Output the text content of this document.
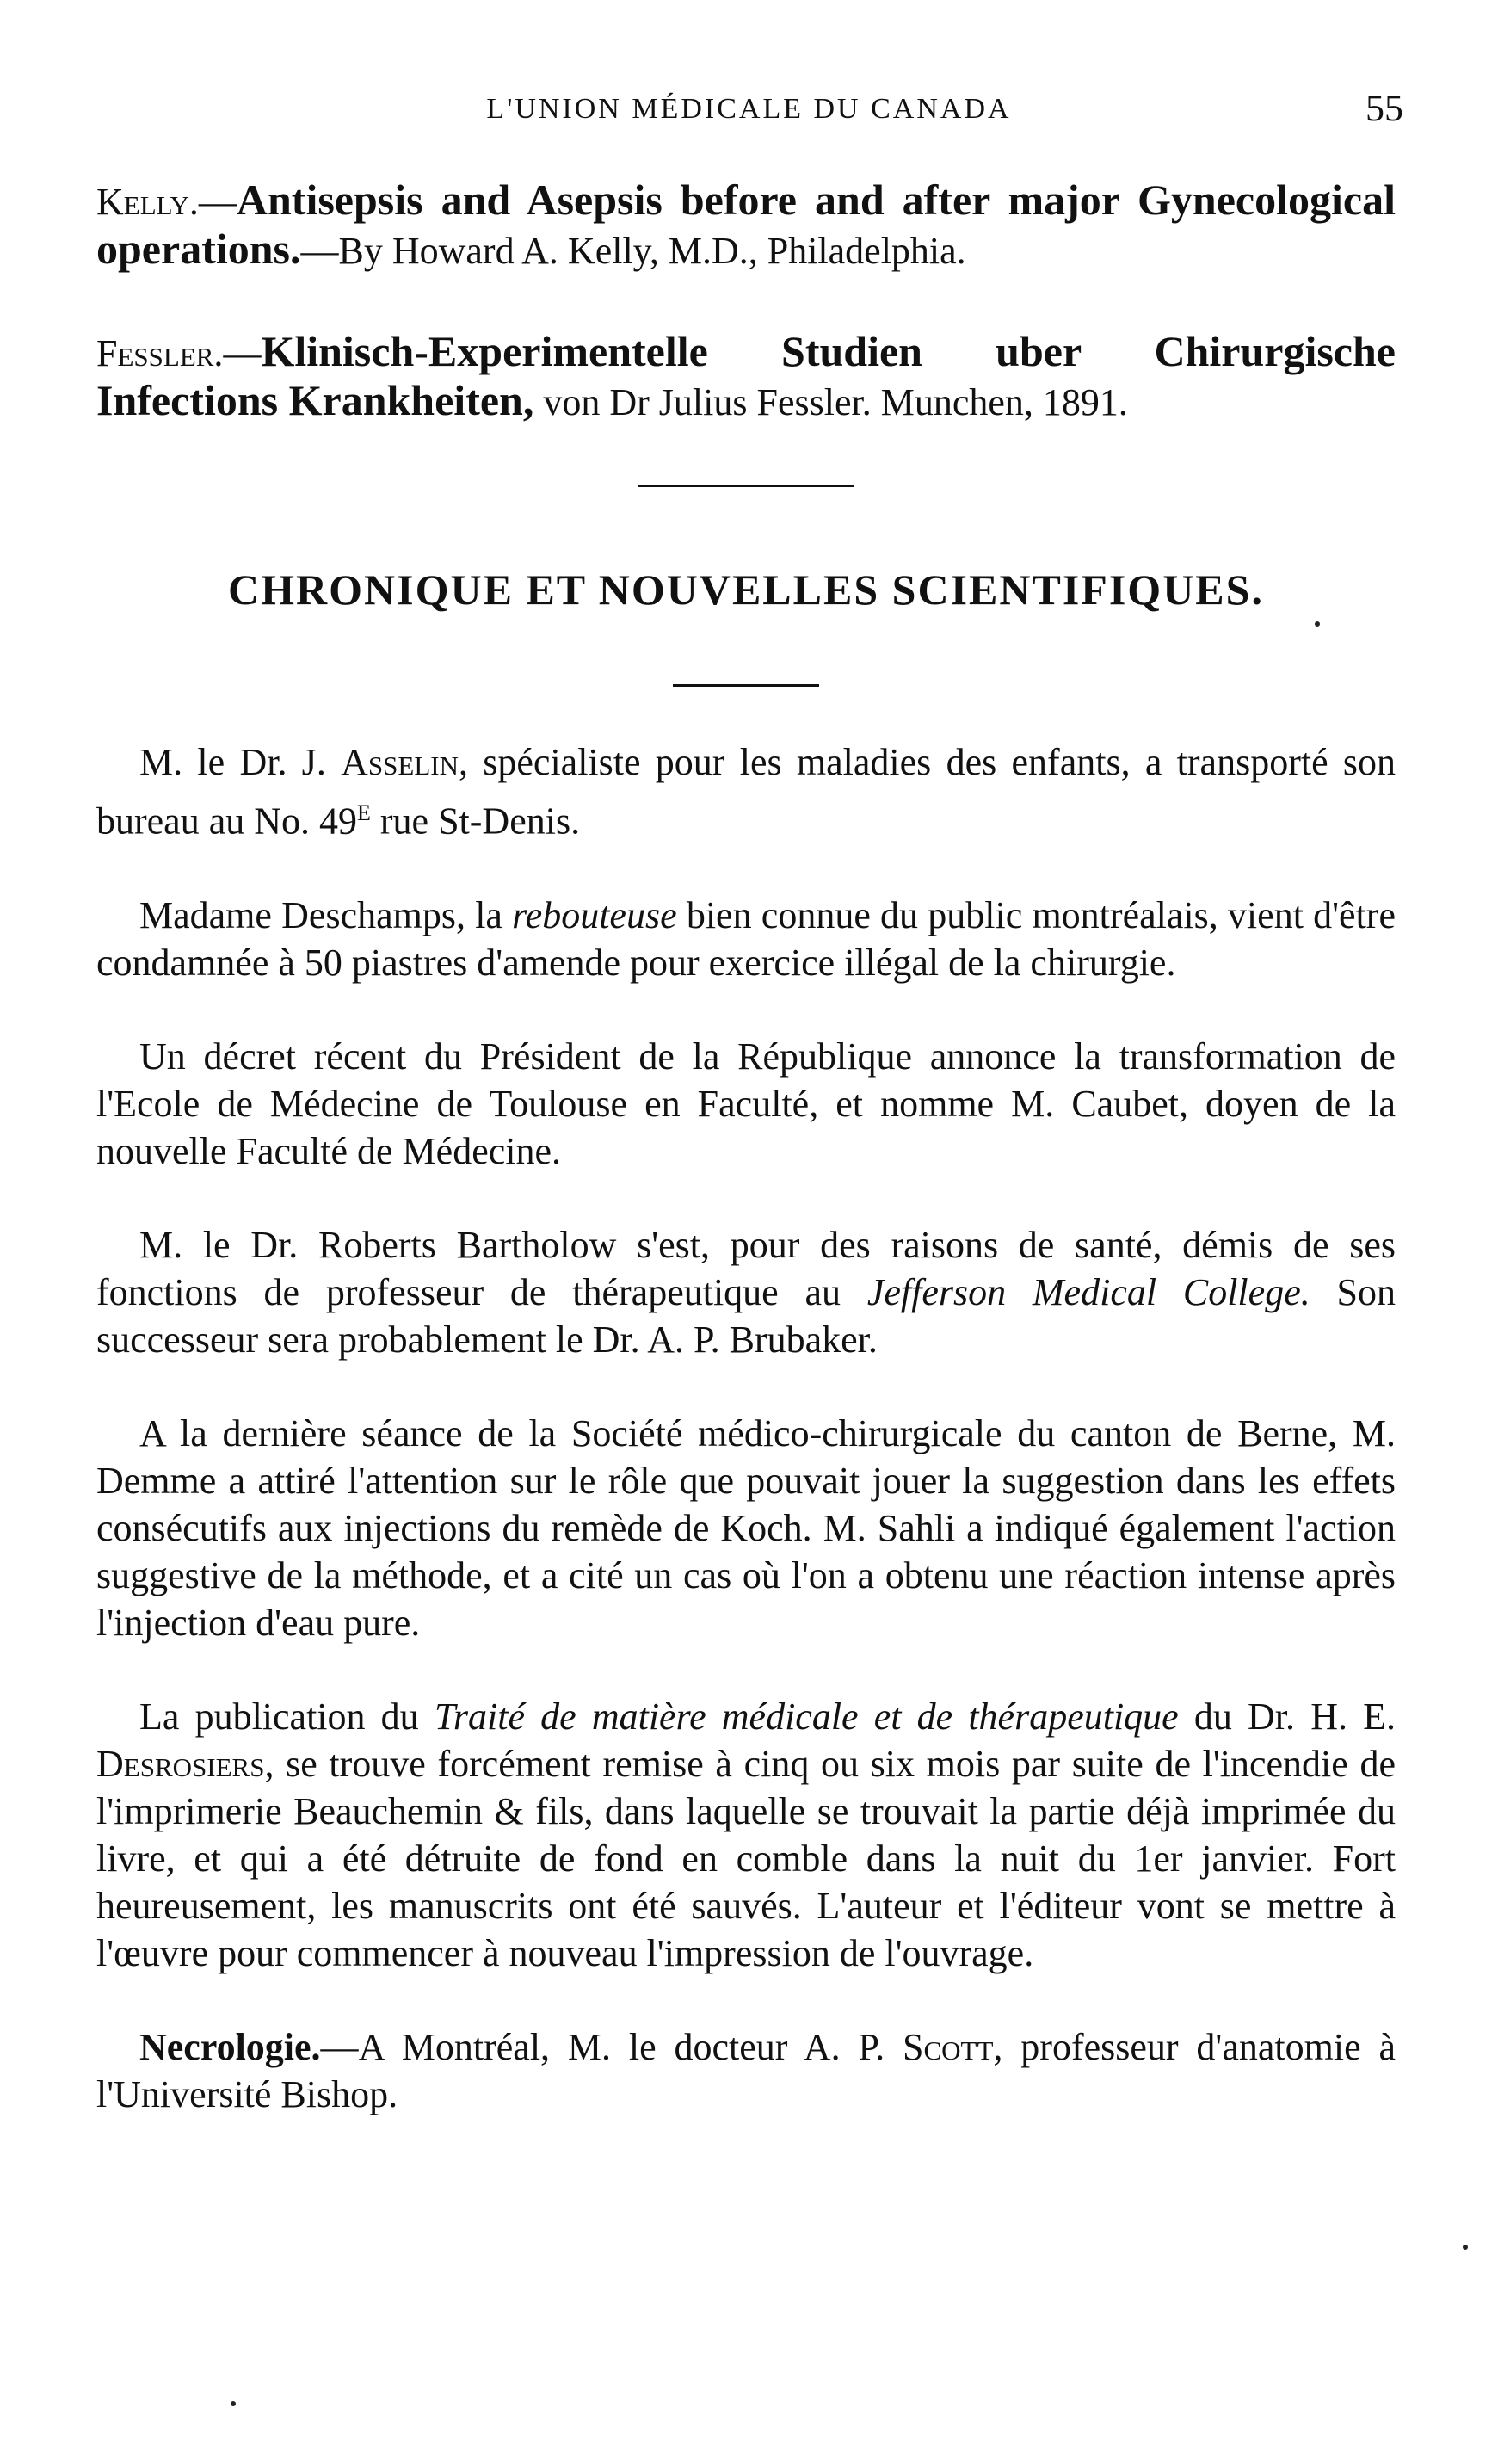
L'UNION MÉDICALE DU CANADA	55

Kelly.—Antisepsis and Asepsis before and after major Gynecological operations.—By Howard A. Kelly, M.D., Philadelphia.

Fessler.—Klinisch-Experimentelle Studien uber Chirurgische Infections Krankheiten, von Dr Julius Fessler. Munchen, 1891.

CHRONIQUE ET NOUVELLES SCIENTIFIQUES.

M. le Dr. J. Asselin, spécialiste pour les maladies des enfants, a transporté son bureau au No. 49e rue St-Denis.

Madame Deschamps, la rebouteuse bien connue du public montréalais, vient d'être condamnée à 50 piastres d'amende pour exercice illégal de la chirurgie.

Un décret récent du Président de la République annonce la transformation de l'Ecole de Médecine de Toulouse en Faculté, et nomme M. Caubet, doyen de la nouvelle Faculté de Médecine.

M. le Dr. Roberts Bartholow s'est, pour des raisons de santé, démis de ses fonctions de professeur de thérapeutique au Jefferson Medical College. Son successeur sera probablement le Dr. A. P. Brubaker.

A la dernière séance de la Société médico-chirurgicale du canton de Berne, M. Demme a attiré l'attention sur le rôle que pouvait jouer la suggestion dans les effets consécutifs aux injections du remède de Koch. M. Sahli a indiqué également l'action suggestive de la méthode, et a cité un cas où l'on a obtenu une réaction intense après l'injection d'eau pure.

La publication du Traité de matière médicale et de thérapeutique du Dr. H. E. Desrosiers, se trouve forcément remise à cinq ou six mois par suite de l'incendie de l'imprimerie Beauchemin & fils, dans laquelle se trouvait la partie déjà imprimée du livre, et qui a été détruite de fond en comble dans la nuit du 1er janvier. Fort heureusement, les manuscrits ont été sauvés. L'auteur et l'éditeur vont se mettre à l'œuvre pour commencer à nouveau l'impression de l'ouvrage.

Necrologie.—A Montréal, M. le docteur A. P. Scott, professeur d'anatomie à l'Université Bishop.
